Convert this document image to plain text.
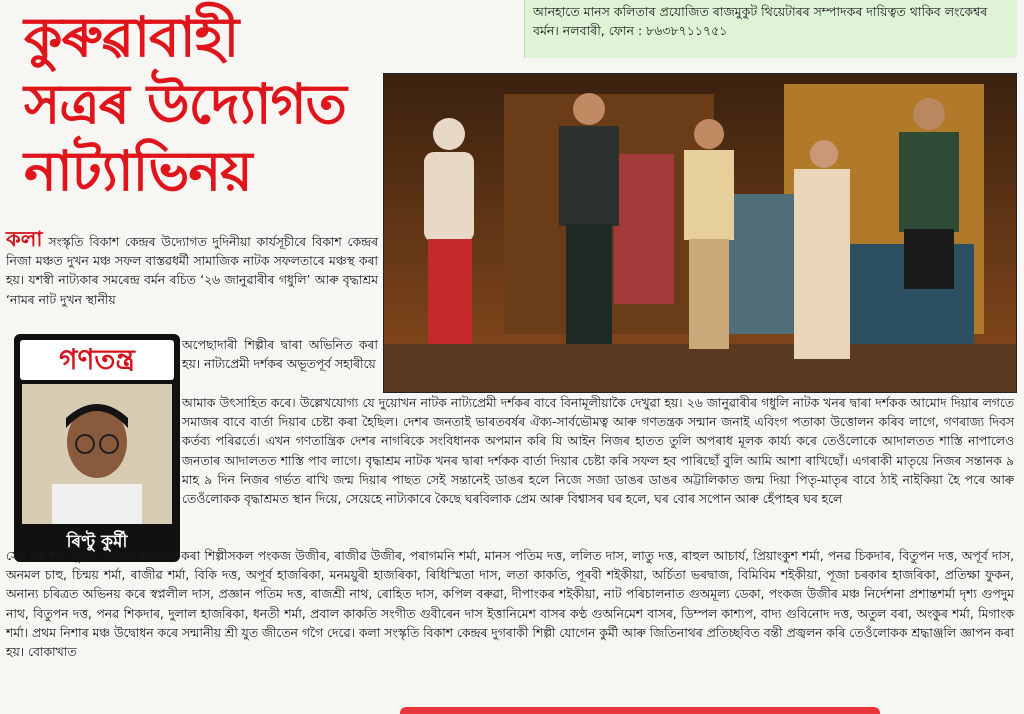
আনহাতে মানস কলিতাৰ প্ৰযোজিত ৰাজমুকুট থিয়েটাৰৰ সম্পাদকৰ দায়িত্বত থাকিব লংকেশ্বৰ বৰ্মন। নলবাৰী, ফোন : ৮৬৩৮৭১১৭৫১
কুৰুৱাবাহী
সত্ৰৰ উদ্যোগত
নাট্যাভিনয়
গণতন্ত্ৰ
ৰিণ্টু কুৰ্মী
কলা সংস্কৃতি বিকাশ কেন্দ্ৰৰ উদ্যোগত দুদিনীয়া কাৰ্যসূচীৰে বিকাশ কেন্দ্ৰৰ নিজা মঞ্চত দুখন মঞ্চ সফল বাস্তৱধৰ্মী সামাজিক নাটক সফলতাৰে মঞ্চস্থ কৰা হয়। যশস্বী নাট্যকাৰ সমৰেন্দ্ৰ বৰ্মন ৰচিত ‘২৬ জানুৱাৰীৰ গধুলি’ আৰু বৃদ্ধাশ্ৰম ‘নামৰ নাট দুখন স্থানীয়
অপেছাদাৰী শিল্পীৰ দ্বাৰা অভিনিত কৰা হয়। নাট্যপ্ৰেমী দৰ্শকৰ অভূতপূৰ্ব সহাৰীয়ে
আমাক উৎসাহিত কৰে। উল্লেখযোগ্য যে দুয়োখন নাটক নাট্যপ্ৰেমী দৰ্শকৰ বাবে বিনামূলীয়াকৈ দেখুৱা হয়। ২৬ জানুৱাৰীৰ গধুলি নাটক খনৰ দ্বাৰা দৰ্শকক আমোদ দিয়াৰ লগতে সমাজৰ বাবে বাৰ্তা দিয়াৰ চেষ্টা কৰা হৈছিল। দেশৰ জনতাই ভাৰতবৰ্ষৰ ঐক্য-সাৰ্বভৌমত্ব আৰু গণতন্ত্ৰক সন্মান জনাই এবিংগ পতাকা উত্তোলন কৰিব লাগে, গণৰাজ্য দিবস কৰ্তব্য পৰিৱৰ্তে। এখন গণতান্ত্ৰিক দেশৰ নাগৰিকে সংবিধানক অপমান কৰি যি আইন নিজৰ হাতত তুলি অপৰাধ মূলক কাৰ্য্য কৰে তেওঁলোকে আদালতত শাস্তি নাপালেও জনতাৰ আদালতত শাস্তি পাব লাগে। বৃদ্ধাশ্ৰম নাটক খনৰ দ্বাৰা দৰ্শকক বাৰ্তা দিয়াৰ চেষ্টা কৰি সফল হব পাৰিছোঁ বুলি আমি আশা ৰাখিছোঁ। এগৰাকী মাতৃয়ে নিজৰ সন্তানক ৯ মাহ ৯ দিন নিজৰ গৰ্ভত ৰাখি জন্ম দিয়াৰ পাছত সেই সন্তানেই ডাঙৰ হলে নিজে সজা ডাঙৰ ডাঙৰ অট্টালিকাত জন্ম দিয়া পিতৃ-মাতৃৰ বাবে ঠাই নাইকিয়া হৈ পৰে আৰু তেওঁলোকক বৃদ্ধাশ্ৰমত স্থান দিয়ে, সেয়েহে নাট্যকাৰে কৈছে ঘৰবিলাক প্ৰেম আৰু বিশ্বাসৰ ঘৰ হলে, ঘৰ বোৰ সপোন আৰু হেঁপাহৰ ঘৰ হলে
সেই ঘৰ স্বৰ্গ। দুয়ো নাটকত অভিনয় কৰা শিল্পীসকল পংকজ উজীৰ, ৰাজীৱ উজীৰ, পৰাগমনি শৰ্মা, মানস পতিম দত্ত, ললিত দাস, লাতু দত্ত, ৰাহুল আচাৰ্য, প্ৰিয়াংকুশ শৰ্মা, পনৱ চিকদাৰ, বিতুপন দত্ত, অপূৰ্ব দাস, অনমল চাহু, চিন্ময় শৰ্মা, ৰাজীৱ শৰ্মা, বিকি দত্ত, অপূৰ্ব হাজৰিকা, মনময়ুৰী হাজৰিকা, ৰিধিস্মিতা দাস, লতা কাকতি, পূৰবী শইকীয়া, অৰ্চিতা ভৰদ্বাজ, বিমিবিম শইকীয়া, পূজা চৰকাৰ হাজৰিকা, প্ৰতিক্ষা ফুকন, অনান্য চৰিত্ৰত অভিনয় কৰে স্বপ্নলীল দাস, প্ৰজ্ঞান পতিম দত্ত, ৰাজশ্ৰী নাথ, ৰোহিত দাস, কপিল বৰুৱা, দীপাংকৰ শইকীয়া, নাট পৰিচালনাত গুঅমূল্য ডেকা, পংকজ উজীৰ মঞ্চ নিৰ্দেশনা প্ৰশান্তশৰ্মা দৃশ্য গুপদুম নাথ, বিতুপন দত্ত, পনৱ শিকদাৰ, দুলাল হাজৰিকা, ধনতী শৰ্মা, প্ৰবাল কাকতি সংগীত গুবীৰেন দাস ইত্তানিমেশ বাসৰ কণ্ঠ গুঅনিমেশ বাসৰ, ডিম্পল কাশ্যপ, বাদ্য গুবিনোদ দত্ত, অতুল বৰা, অংকুৰ শৰ্মা, মিগাংক শৰ্মা। প্ৰথম নিশাৰ মঞ্চ উদ্বোধন কৰে সন্মানীয় শ্ৰী যুত জীতেন গগৈ দেৱে। কলা সংস্কৃতি বিকাশ কেন্দ্ৰৰ দুগৰাকী শিল্পী যোগেন কুৰ্মী আৰু জিতিনাথৰ প্ৰতিচ্ছবিত বন্তী প্ৰজ্বলন কৰি তেওঁলোকক শ্ৰদ্ধাঞ্জলি জ্ঞাপন কৰা হয়। বোকাখাত
